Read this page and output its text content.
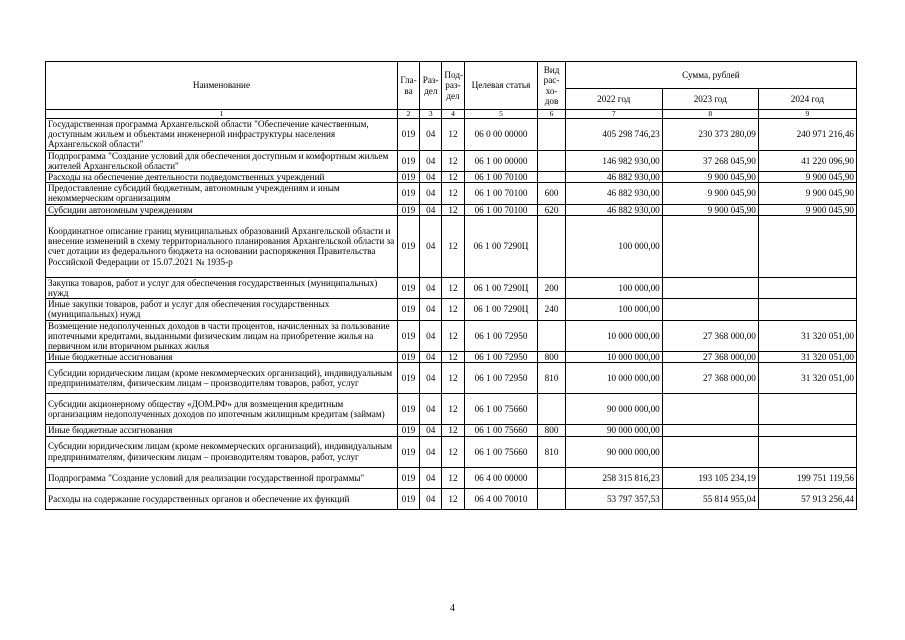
Наименование	Гла-ва	Раз-дел	Под-раз-дел	Целевая статья	Вид рас-хо-дов	Сумма, рублей		
						2022 год	2023 год	2024 год
1	2	3	4	5	6	7	8	9
Государственная программа Архангельской области "Обеспечение качественным, доступным жильем и объектами инженерной инфраструктуры населения Архангельской области"	019	04	12	06 0 00 00000		405 298 746,23	230 373 280,09	240 971 216,46
Подпрограмма "Создание условий для обеспечения доступным и комфортным жильем жителей Архангельской области"	019	04	12	06 1 00 00000		146 982 930,00	37 268 045,90	41 220 096,90
Расходы на обеспечение деятельности подведомственных учреждений	019	04	12	06 1 00 70100		46 882 930,00	9 900 045,90	9 900 045,90
Предоставление субсидий бюджетным, автономным учреждениям и иным некоммерческим организациям	019	04	12	06 1 00 70100	600	46 882 930,00	9 900 045,90	9 900 045,90
Субсидии автономным учреждениям	019	04	12	06 1 00 70100	620	46 882 930,00	9 900 045,90	9 900 045,90
Координатное описание границ муниципальных образований Архангельской области и внесение изменений в схему территориального планирования Архангельской области за счет дотации из федерального бюджета на основании распоряжения Правительства Российской Федерации от 15.07.2021 № 1935-р	019	04	12	06 1 00 7290Ц		100 000,00		
Закупка товаров, работ и услуг для обеспечения государственных (муниципальных) нужд	019	04	12	06 1 00 7290Ц	200	100 000,00		
Иные закупки товаров, работ и услуг для обеспечения государственных (муниципальных) нужд	019	04	12	06 1 00 7290Ц	240	100 000,00		
Возмещение недополученных доходов в части процентов, начисленных за пользование ипотечными кредитами, выданными физическим лицам на приобретение жилья на первичном или вторичном рынках жилья	019	04	12	06 1 00 72950		10 000 000,00	27 368 000,00	31 320 051,00
Иные бюджетные ассигнования	019	04	12	06 1 00 72950	800	10 000 000,00	27 368 000,00	31 320 051,00
Субсидии юридическим лицам (кроме некоммерческих организаций), индивидуальным предпринимателям, физическим лицам – производителям товаров, работ, услуг	019	04	12	06 1 00 72950	810	10 000 000,00	27 368 000,00	31 320 051,00
Субсидии акционерному обществу «ДОМ.РФ» для возмещения кредитным организациям недополученных доходов по ипотечным жилищным кредитам (займам)	019	04	12	06 1 00 75660		90 000 000,00		
Иные бюджетные ассигнования	019	04	12	06 1 00 75660	800	90 000 000,00		
Субсидии юридическим лицам (кроме некоммерческих организаций), индивидуальным предпринимателям, физическим лицам – производителям товаров, работ, услуг	019	04	12	06 1 00 75660	810	90 000 000,00		
Подпрограмма "Создание условий для реализации государственной программы"	019	04	12	06 4 00 00000		258 315 816,23	193 105 234,19	199 751 119,56
Расходы на содержание государственных органов и обеспечение их функций	019	04	12	06 4 00 70010		53 797 357,53	55 814 955,04	57 913 256,44
4
